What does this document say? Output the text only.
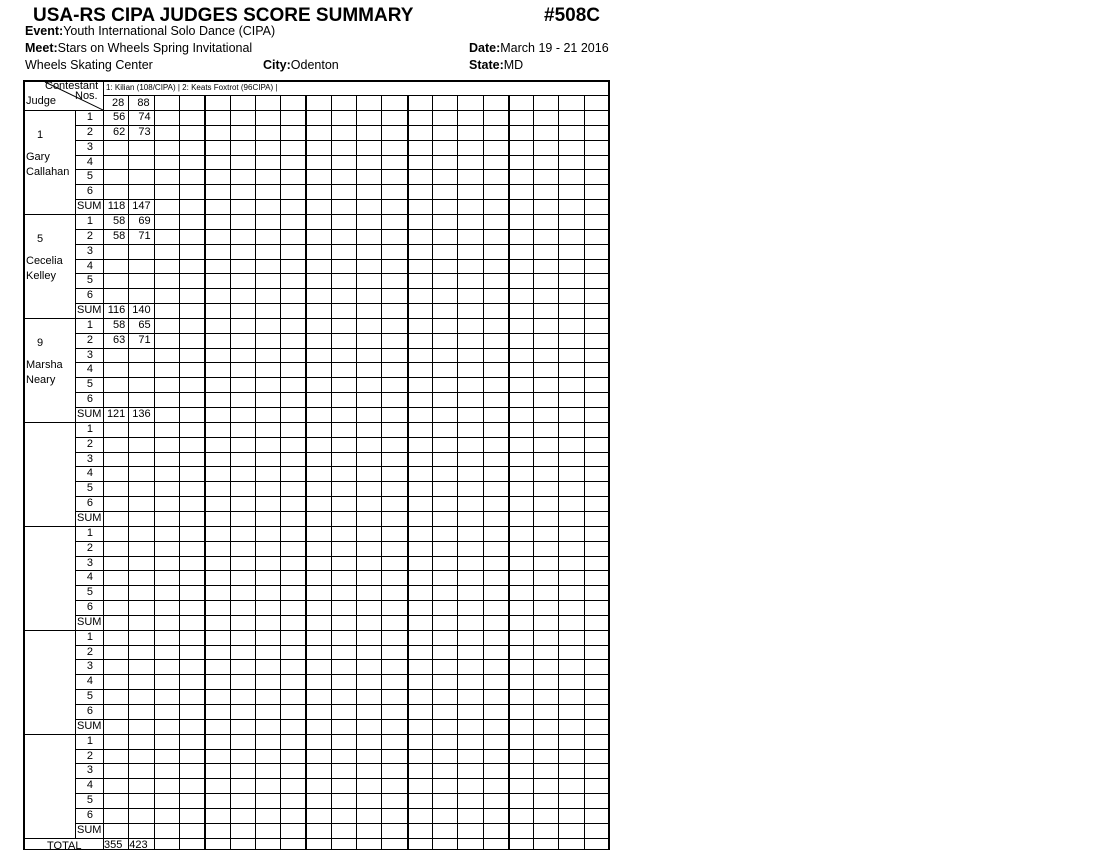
USA-RS CIPA JUDGES SCORE SUMMARY	#508C
Event:Youth International Solo Dance (CIPA)
Meet:Stars on Wheels Spring Invitational	Date:March 19 - 21 2016
Wheels Skating Center	City:Odenton	State:MD
Contestant
Nos.
Judge
1: Kilian (108/CIPA) | 2: Keats Foxtrot (96CIPA) |
28	88
1
Gary
Callahan
1	56	74
2	62	73
3
4
5
6
SUM 118 147
5
Cecelia
Kelley
1	58	69
2	58	71
3
4
5
6
SUM 116 140
9
Marsha
Neary
1	58	65
2	63	71
3
4
5
6
SUM 121 136
1
2
3
4
5
6
SUM
1
2
3
4
5
6
SUM
1
2
3
4
5
6
SUM
1
2
3
4
5
6
SUM
TOTAL 355 423
